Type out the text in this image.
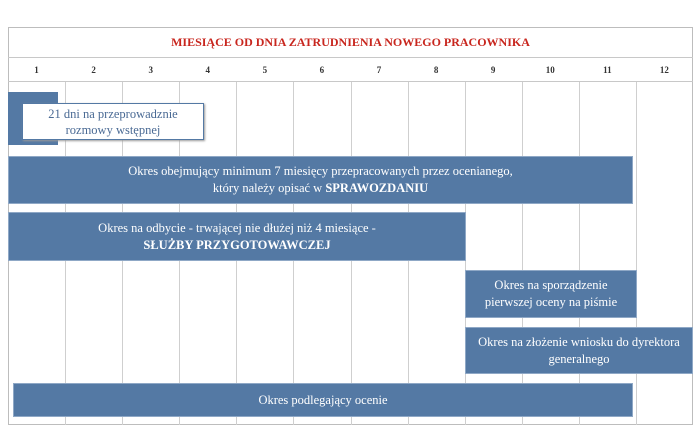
MIESIĄCE OD DNIA ZATRUDNIENIA NOWEGO PRACOWNIKA
1	2	3	4	5	6	7	8	9	10	11	12
21 dni na przeprowadznie
rozmowy wstępnej
Okres obejmujący minimum 7 miesięcy przepracowanych przez ocenianego,
który należy opisać w SPRAWOZDANIU
Okres na odbycie - trwającej nie dłużej niż 4 miesiące -
SŁUŻBY PRZYGOTOWAWCZEJ
Okres na sporządzenie
pierwszej oceny na piśmie
Okres na złożenie wniosku do dyrektora
generalnego
Okres podlegający ocenie
